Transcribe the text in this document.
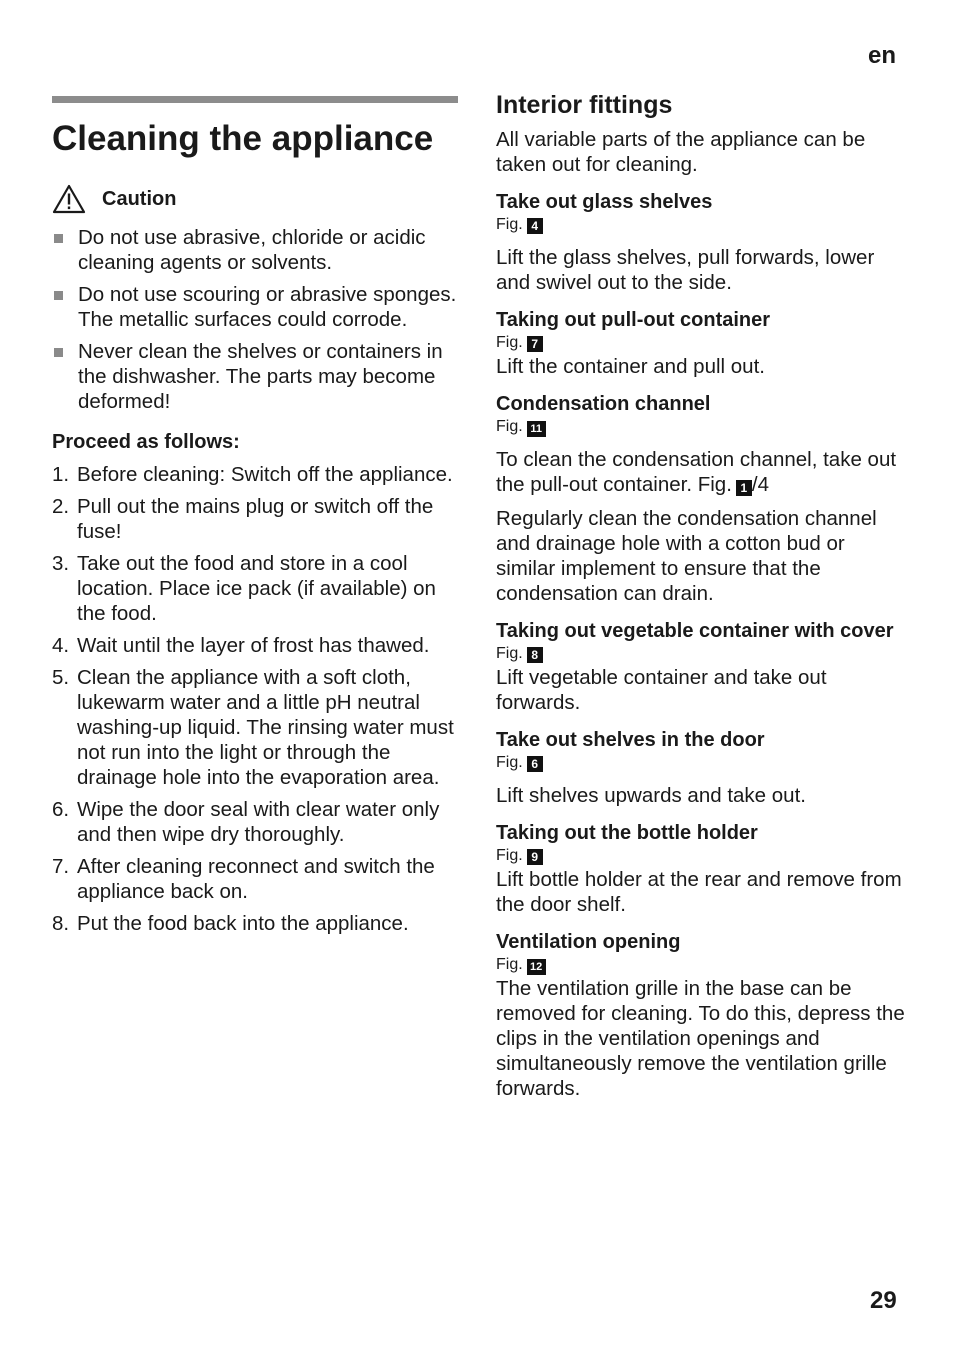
en
Cleaning the appliance
Caution
Do not use abrasive, chloride or acidic cleaning agents or solvents.
Do not use scouring or abrasive sponges. The metallic surfaces could corrode.
Never clean the shelves or containers in the dishwasher. The parts may become deformed!
Proceed as follows:
1. Before cleaning: Switch off the appliance.
2. Pull out the mains plug or switch off the fuse!
3. Take out the food and store in a cool location. Place ice pack (if available) on the food.
4. Wait until the layer of frost has thawed.
5. Clean the appliance with a soft cloth, lukewarm water and a little pH neutral washing-up liquid. The rinsing water must not run into the light or through the drainage hole into the evaporation area.
6. Wipe the door seal with clear water only and then wipe dry thoroughly.
7. After cleaning reconnect and switch the appliance back on.
8. Put the food back into the appliance.
Interior fittings

All variable parts of the appliance can be taken out for cleaning.

Take out glass shelves
Fig. 4

Lift the glass shelves, pull forwards, lower and swivel out to the side.

Taking out pull-out container
Fig. 7

Lift the container and pull out.

Condensation channel
Fig. 11

To clean the condensation channel, take out the pull-out container. Fig. 1 /4

Regularly clean the condensation channel and drainage hole with a cotton bud or similar implement to ensure that the condensation can drain.

Taking out vegetable container with cover
Fig. 8

Lift vegetable container and take out forwards.

Take out shelves in the door
Fig. 6

Lift shelves upwards and take out.

Taking out the bottle holder
Fig. 9

Lift bottle holder at the rear and remove from the door shelf.

Ventilation opening
Fig. 12

The ventilation grille in the base can be removed for cleaning. To do this, depress the clips in the ventilation openings and simultaneously remove the ventilation grille forwards.

29
